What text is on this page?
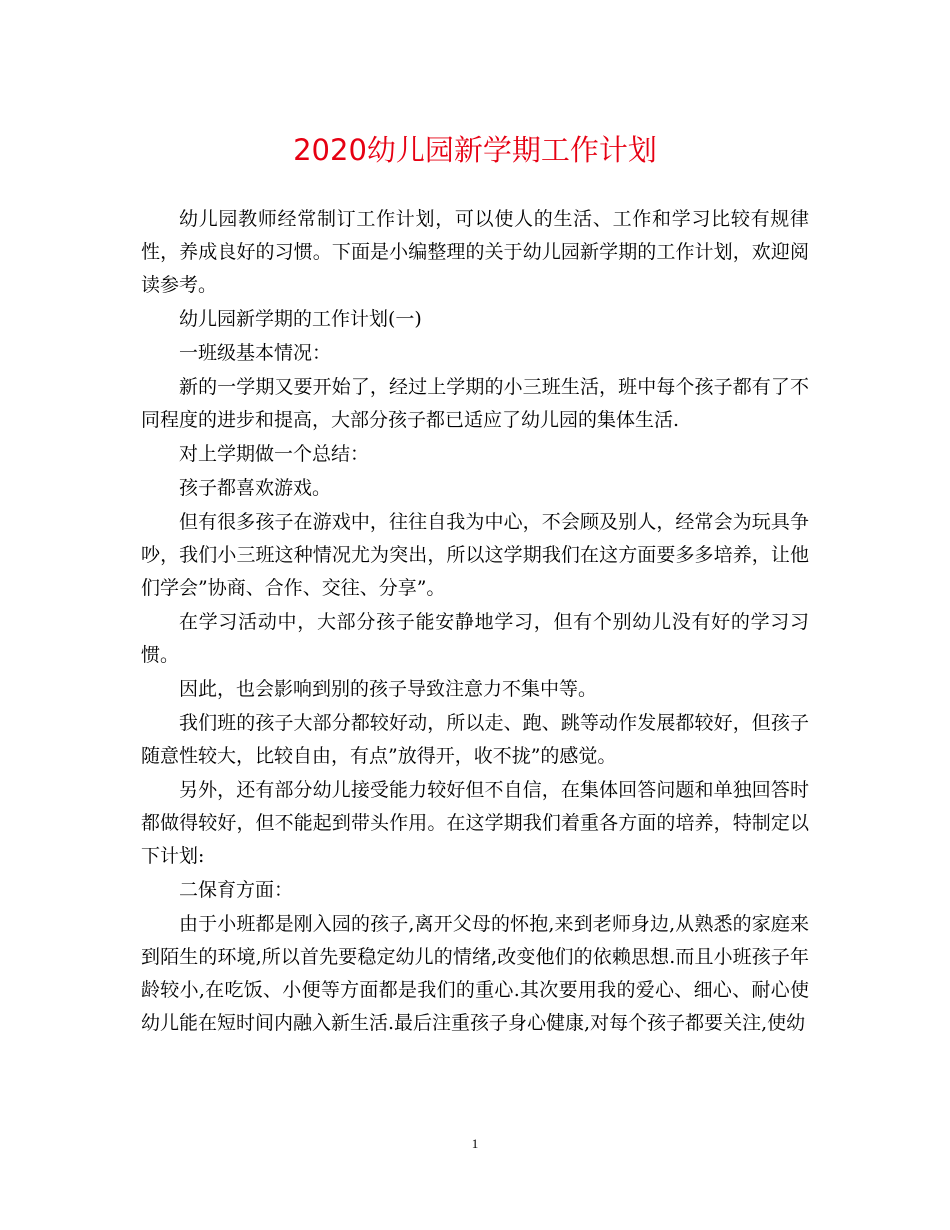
2020幼儿园新学期工作计划

幼儿园教师经常制订工作计划，可以使人的生活、工作和学习比较有规律性，养成良好的习惯。下面是小编整理的关于幼儿园新学期的工作计划，欢迎阅读参考。

幼儿园新学期的工作计划(一)

一班级基本情况：

新的一学期又要开始了，经过上学期的小三班生活，班中每个孩子都有了不同程度的进步和提高，大部分孩子都已适应了幼儿园的集体生活.

对上学期做一个总结：

孩子都喜欢游戏。

但有很多孩子在游戏中，往往自我为中心，不会顾及别人，经常会为玩具争吵，我们小三班这种情况尤为突出，所以这学期我们在这方面要多多培养，让他们学会”协商、合作、交往、分享”。

在学习活动中，大部分孩子能安静地学习，但有个别幼儿没有好的学习习惯。

因此，也会影响到别的孩子导致注意力不集中等。

我们班的孩子大部分都较好动，所以走、跑、跳等动作发展都较好，但孩子随意性较大，比较自由，有点”放得开，收不拢”的感觉。

另外，还有部分幼儿接受能力较好但不自信，在集体回答问题和单独回答时都做得较好，但不能起到带头作用。在这学期我们着重各方面的培养，特制定以下计划:

二保育方面：

由于小班都是刚入园的孩子,离开父母的怀抱,来到老师身边,从熟悉的家庭来到陌生的环境,所以首先要稳定幼儿的情绪,改变他们的依赖思想.而且小班孩子年龄较小,在吃饭、小便等方面都是我们的重心.其次要用我的爱心、细心、耐心使幼儿能在短时间内融入新生活.最后注重孩子身心健康,对每个孩子都要关注,使幼

1
